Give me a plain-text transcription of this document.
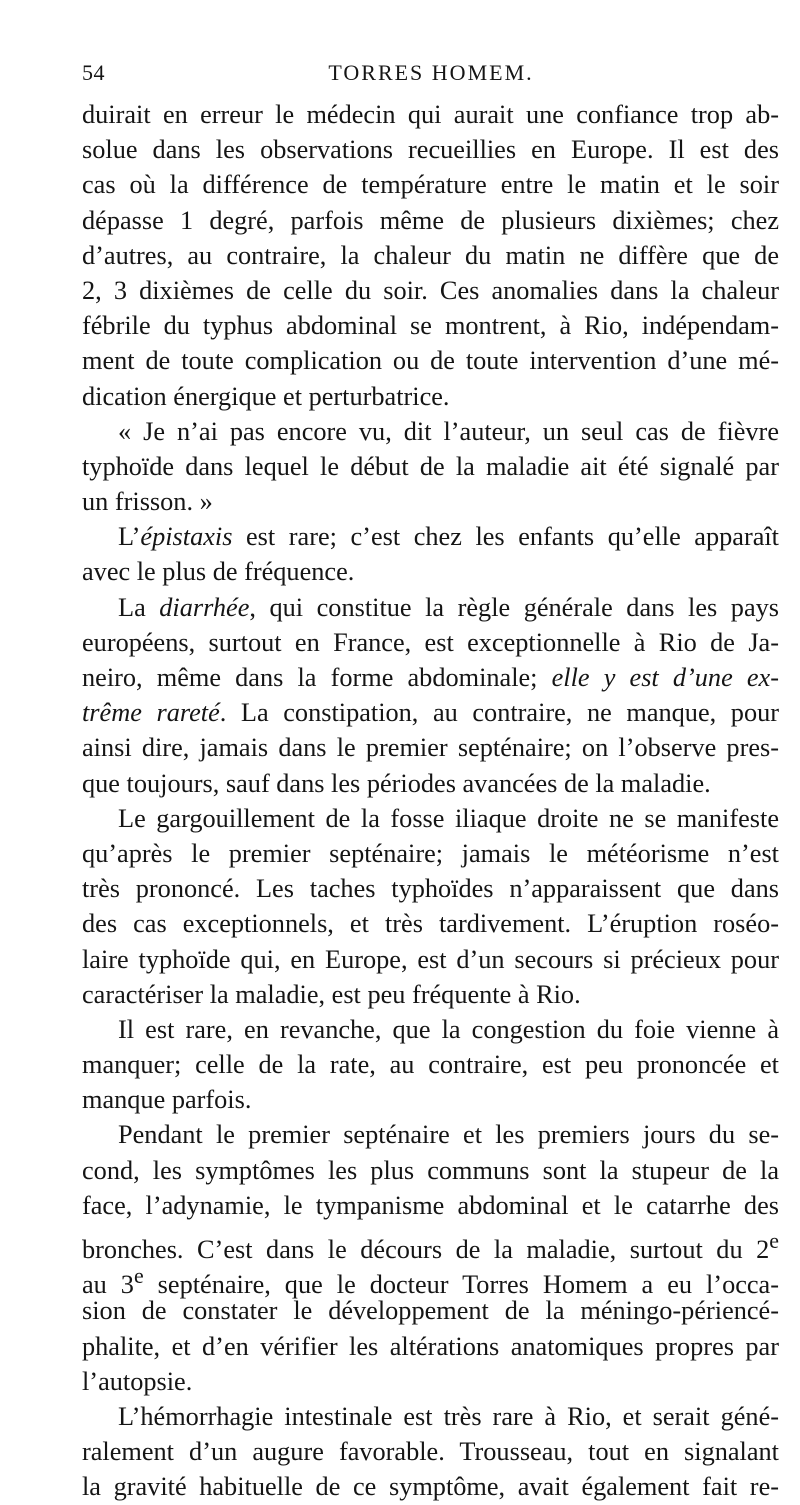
54	TORRES HOMEM.
duirait en erreur le médecin qui aurait une confiance trop ab-
solue dans les observations recueillies en Europe. Il est des
cas où la différence de température entre le matin et le soir
dépasse 1 degré, parfois même de plusieurs dixièmes; chez
d’autres, au contraire, la chaleur du matin ne diffère que de
2, 3 dixièmes de celle du soir. Ces anomalies dans la chaleur
fébrile du typhus abdominal se montrent, à Rio, indépendam-
ment de toute complication ou de toute intervention d’une mé-
dication énergique et perturbatrice.
« Je n’ai pas encore vu, dit l’auteur, un seul cas de fièvre
typhoïde dans lequel le début de la maladie ait été signalé par
un frisson. »
L’épistaxis est rare; c’est chez les enfants qu’elle apparaît
avec le plus de fréquence.
La diarrhée, qui constitue la règle générale dans les pays
européens, surtout en France, est exceptionnelle à Rio de Ja-
neiro, même dans la forme abdominale; elle y est d’une ex-
trême rareté. La constipation, au contraire, ne manque, pour
ainsi dire, jamais dans le premier septénaire; on l’observe pres-
que toujours, sauf dans les périodes avancées de la maladie.
Le gargouillement de la fosse iliaque droite ne se manifeste
qu’après le premier septénaire; jamais le météorisme n’est
très prononcé. Les taches typhoïdes n’apparaissent que dans
des cas exceptionnels, et très tardivement. L’éruption roséo-
laire typhoïde qui, en Europe, est d’un secours si précieux pour
caractériser la maladie, est peu fréquente à Rio.
Il est rare, en revanche, que la congestion du foie vienne à
manquer; celle de la rate, au contraire, est peu prononcée et
manque parfois.
Pendant le premier septénaire et les premiers jours du se-
cond, les symptômes les plus communs sont la stupeur de la
face, l’adynamie, le tympanisme abdominal et le catarrhe des
bronches. C’est dans le décours de la maladie, surtout du 2e
au 3e septénaire, que le docteur Torres Homem a eu l’occa-
sion de constater le développement de la méningo-périencé-
phalite, et d’en vérifier les altérations anatomiques propres par
l’autopsie.
L’hémorrhagie intestinale est très rare à Rio, et serait géné-
ralement d’un augure favorable. Trousseau, tout en signalant
la gravité habituelle de ce symptôme, avait également fait re-
